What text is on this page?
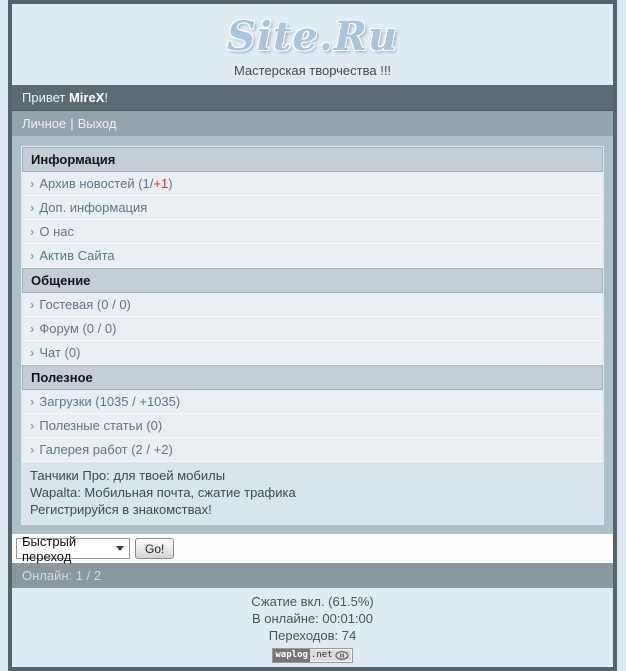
Site.Ru
Мастерская творчества !!!
Привет MireX!
Личное | Выход
Информация
› Архив новостей (1/+1)
› Доп. информация
› О нас
› Актив Сайта
Общение
› Гостевая (0 / 0)
› Форум (0 / 0)
› Чат (0)
Полезное
› Загрузки (1035 / +1035)
› Полезные статьи (0)
› Галерея работ (2 / +2)
Танчики Про: для твоей мобилы
Wapalta: Мобильная почта, сжатие трафика
Регистрируйся в знакомствах!
Быстрый переход	Go!
Онлайн: 1 / 2
Сжатие вкл. (61.5%)
В онлайне: 00:01:00
Переходов: 74
waplog .net
